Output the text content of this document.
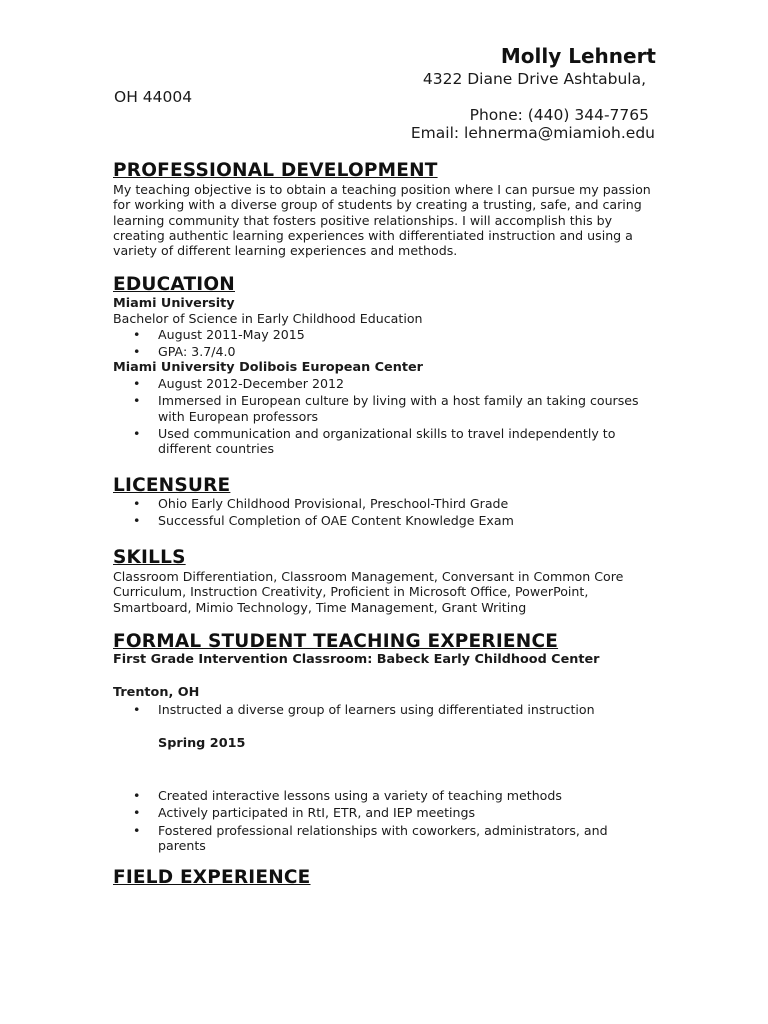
Molly Lehnert
4322 Diane Drive Ashtabula,
OH 44004
Phone: (440) 344-7765
Email: lehnerma@miamioh.edu
PROFESSIONAL DEVELOPMENT
My teaching objective is to obtain a teaching position where I can pursue my passion
for working with a diverse group of students by creating a trusting, safe, and caring
learning community that fosters positive relationships. I will accomplish this by
creating authentic learning experiences with differentiated instruction and using a
variety of different learning experiences and methods.
EDUCATION
Miami University
Bachelor of Science in Early Childhood Education
• August 2011-May 2015
• GPA: 3.7/4.0
Miami University Dolibois European Center
• August 2012-December 2012
• Immersed in European culture by living with a host family an taking courses
with European professors
• Used communication and organizational skills to travel independently to
different countries
LICENSURE
• Ohio Early Childhood Provisional, Preschool-Third Grade
• Successful Completion of OAE Content Knowledge Exam
SKILLS
Classroom Differentiation, Classroom Management, Conversant in Common Core
Curriculum, Instruction Creativity, Proficient in Microsoft Office, PowerPoint,
Smartboard, Mimio Technology, Time Management, Grant Writing
FORMAL STUDENT TEACHING EXPERIENCE
First Grade Intervention Classroom: Babeck Early Childhood Center
Trenton, OH
• Instructed a diverse group of learners using differentiated instruction
Spring 2015
• Created interactive lessons using a variety of teaching methods
• Actively participated in RtI, ETR, and IEP meetings
• Fostered professional relationships with coworkers, administrators, and
parents
FIELD EXPERIENCE
